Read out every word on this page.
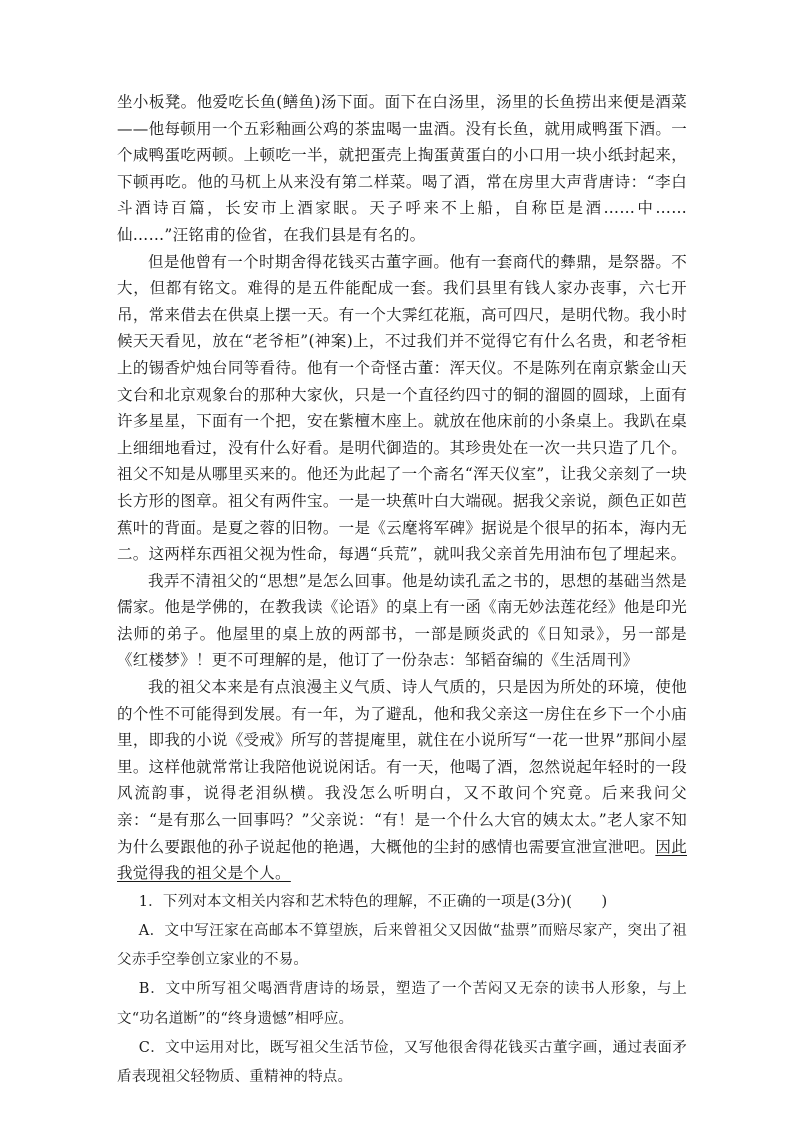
坐小板凳。他爱吃长鱼(鳝鱼)汤下面。面下在白汤里，汤里的长鱼捞出来便是酒菜——他每顿用一个五彩釉画公鸡的茶盅喝一盅酒。没有长鱼，就用咸鸭蛋下酒。一个咸鸭蛋吃两顿。上顿吃一半，就把蛋壳上掏蛋黄蛋白的小口用一块小纸封起来，下顿再吃。他的马杌上从来没有第二样菜。喝了酒，常在房里大声背唐诗：“李白斗酒诗百篇，长安市上酒家眠。天子呼来不上船，自称臣是酒……中……仙……”汪铭甫的俭省，在我们县是有名的。

但是他曾有一个时期舍得花钱买古董字画。他有一套商代的彝鼎，是祭器。不大，但都有铭文。难得的是五件能配成一套。我们县里有钱人家办丧事，六七开吊，常来借去在供桌上摆一天。有一个大霁红花瓶，高可四尺，是明代物。我小时候天天看见，放在“老爷柜”(神案)上，不过我们并不觉得它有什么名贵，和老爷柜上的锡香炉烛台同等看待。他有一个奇怪古董：浑天仪。不是陈列在南京紫金山天文台和北京观象台的那种大家伙，只是一个直径约四寸的铜的溜圆的圆球，上面有许多星星，下面有一个把，安在紫檀木座上。就放在他床前的小条桌上。我趴在桌上细细地看过，没有什么好看。是明代御造的。其珍贵处在一次一共只造了几个。祖父不知是从哪里买来的。他还为此起了一个斋名“浑天仪室”，让我父亲刻了一块长方形的图章。祖父有两件宝。一是一块蕉叶白大端砚。据我父亲说，颜色正如芭蕉叶的背面。是夏之蓉的旧物。一是《云麾将军碑》据说是个很早的拓本，海内无二。这两样东西祖父视为性命，每遇“兵荒”，就叫我父亲首先用油布包了埋起来。

我弄不清祖父的“思想”是怎么回事。他是幼读孔孟之书的，思想的基础当然是儒家。他是学佛的，在教我读《论语》的桌上有一函《南无妙法莲花经》他是印光法师的弟子。他屋里的桌上放的两部书，一部是顾炎武的《日知录》，另一部是《红楼梦》！更不可理解的是，他订了一份杂志：邹韬奋编的《生活周刊》

我的祖父本来是有点浪漫主义气质、诗人气质的，只是因为所处的环境，使他的个性不可能得到发展。有一年，为了避乱，他和我父亲这一房住在乡下一个小庙里，即我的小说《受戒》所写的菩提庵里，就住在小说所写“一花一世界”那间小屋里。这样他就常常让我陪他说说闲话。有一天，他喝了酒，忽然说起年轻时的一段风流韵事，说得老泪纵横。我没怎么听明白，又不敢问个究竟。后来我问父亲：“是有那么一回事吗？”父亲说：“有！是一个什么大官的姨太太。”老人家不知为什么要跟他的孙子说起他的艳遇，大概他的尘封的感情也需要宣泄宣泄吧。因此我觉得我的祖父是个人。

1．下列对本文相关内容和艺术特色的理解，不正确的一项是(3分)(　　)

A．文中写汪家在高邮本不算望族，后来曾祖父又因做“盐票”而赔尽家产，突出了祖父赤手空拳创立家业的不易。

B．文中所写祖父喝酒背唐诗的场景，塑造了一个苦闷又无奈的读书人形象，与上文“功名道断”的“终身遗憾”相呼应。

C．文中运用对比，既写祖父生活节俭，又写他很舍得花钱买古董字画，通过表面矛盾表现祖父轻物质、重精神的特点。
